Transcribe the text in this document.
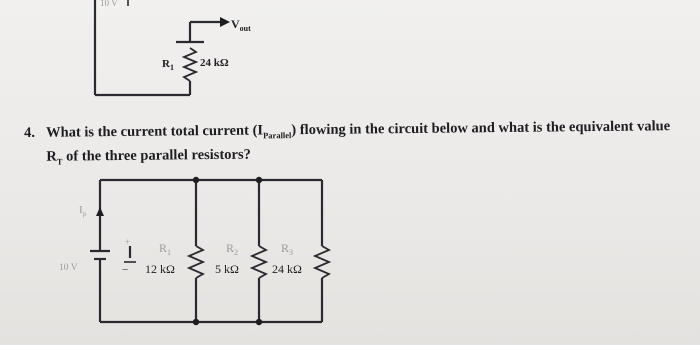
10 V
$V_{out}$
$R_1$ 24 kΩ
$I_p$
10 V
+
−
$R_1$
12 kΩ
$R_2$
5 kΩ
$R_3$
24 kΩ
4. What is the current total current $(I_{Parallel})$ flowing in the circuit below and what is the equivalent value $R_T$ of the three parallel resistors?
